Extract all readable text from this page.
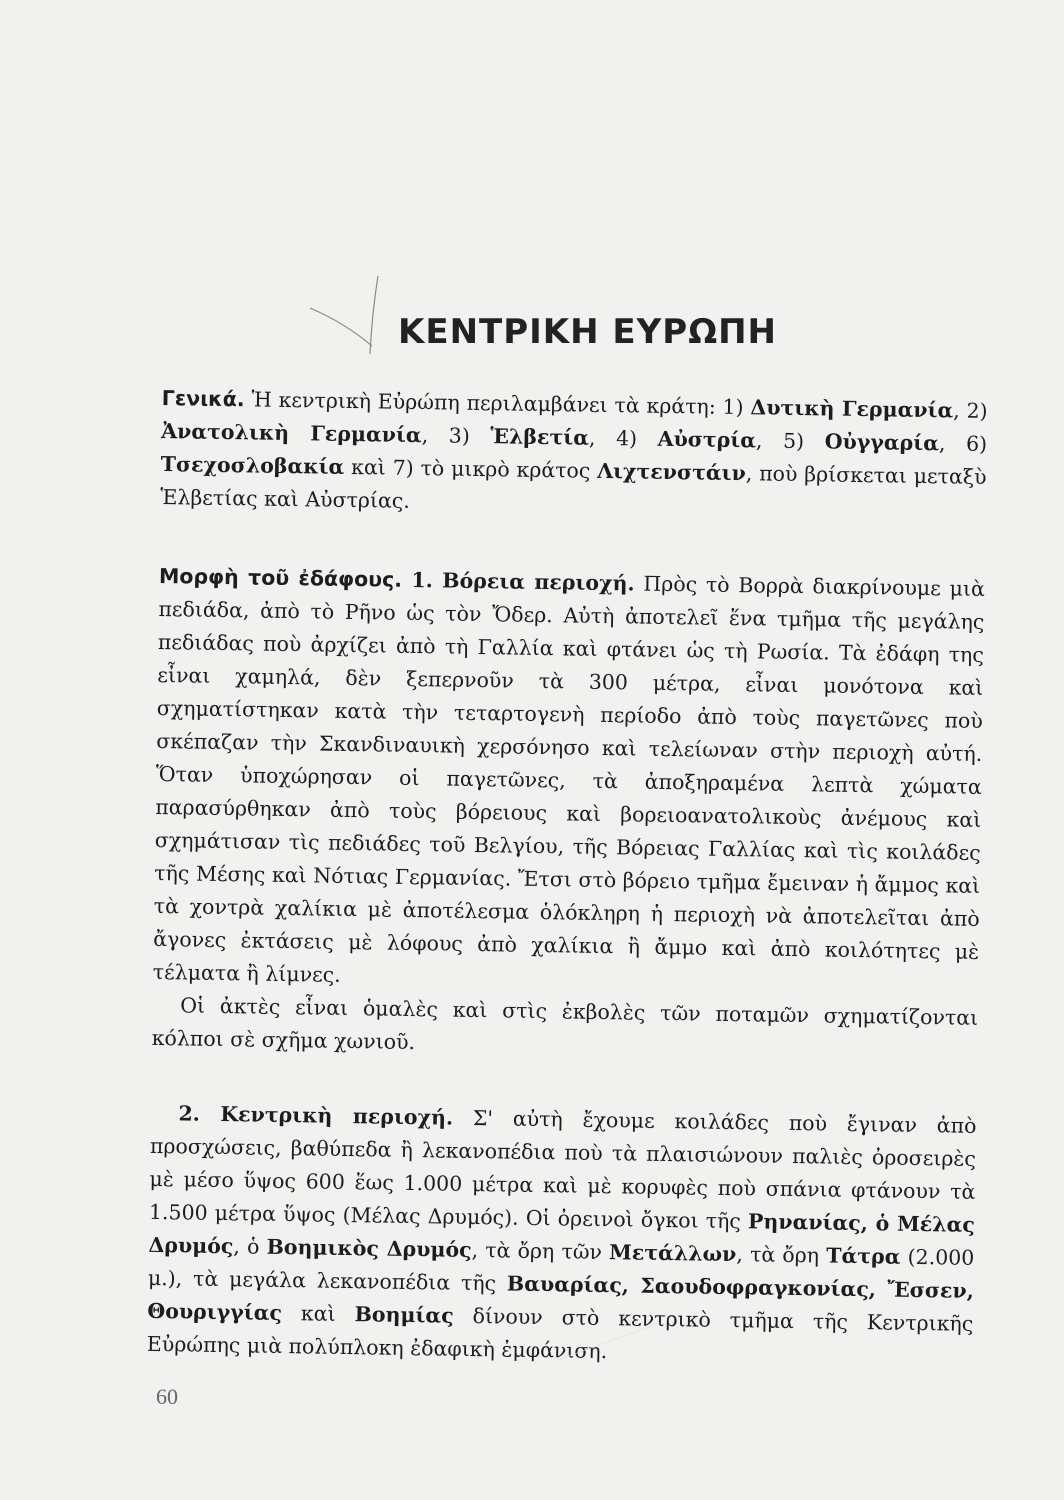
ΚΕΝΤΡΙΚΗ ΕΥΡΩΠΗ

Γενικά. Ἡ κεντρικὴ Εὐρώπη περιλαμβάνει τὰ κράτη: 1) Δυτικὴ Γερμανία, 2) Ἀνατολικὴ Γερμανία, 3) Ἑλβετία, 4) Αὐστρία, 5) Οὐγγαρία, 6) Τσεχοσλοβακία καὶ 7) τὸ μικρὸ κράτος Λιχτενστάιν, ποὺ βρίσκεται μεταξὺ Ἑλβετίας καὶ Αὐστρίας.

Μορφὴ τοῦ ἐδάφους. 1. Βόρεια περιοχή. Πρὸς τὸ Βορρὰ διακρίνουμε μιὰ πεδιάδα, ἀπὸ τὸ Ρῆνο ὡς τὸν Ὄδερ. Αὐτὴ ἀποτελεῖ ἕνα τμῆμα τῆς μεγάλης πεδιάδας ποὺ ἀρχίζει ἀπὸ τὴ Γαλλία καὶ φτάνει ὡς τὴ Ρωσία. Τὰ ἐδάφη της εἶναι χαμηλά, δὲν ξεπερνοῦν τὰ 300 μέτρα, εἶναι μονότονα καὶ σχηματίστηκαν κατὰ τὴν τεταρτογενὴ περίοδο ἀπὸ τοὺς παγετῶνες ποὺ σκέπαζαν τὴν Σκανδιναυικὴ χερσόνησο καὶ τελείωναν στὴν περιοχὴ αὐτή. Ὅταν ὑποχώρησαν οἱ παγετῶνες, τὰ ἀποξηραμένα λεπτὰ χώματα παρασύρθηκαν ἀπὸ τοὺς βόρειους καὶ βορειοανατολικοὺς ἀνέμους καὶ σχημάτισαν τὶς πεδιάδες τοῦ Βελγίου, τῆς Βόρειας Γαλλίας καὶ τὶς κοιλάδες τῆς Μέσης καὶ Νότιας Γερμανίας. Ἔτσι στὸ βόρειο τμῆμα ἔμειναν ἡ ἄμμος καὶ τὰ χοντρὰ χαλίκια μὲ ἀποτέλεσμα ὁλόκληρη ἡ περιοχὴ νὰ ἀποτελεῖται ἀπὸ ἄγονες ἐκτάσεις μὲ λόφους ἀπὸ χαλίκια ἢ ἄμμο καὶ ἀπὸ κοιλότητες μὲ τέλματα ἢ λίμνες.

Οἱ ἀκτὲς εἶναι ὁμαλὲς καὶ στὶς ἐκβολὲς τῶν ποταμῶν σχηματίζονται κόλποι σὲ σχῆμα χωνιοῦ.

2. Κεντρικὴ περιοχή. Σ' αὐτὴ ἔχουμε κοιλάδες ποὺ ἔγιναν ἀπὸ προσχώσεις, βαθύπεδα ἢ λεκανοπέδια ποὺ τὰ πλαισιώνουν παλιὲς ὀροσειρὲς μὲ μέσο ὕψος 600 ἕως 1.000 μέτρα καὶ μὲ κορυφὲς ποὺ σπάνια φτάνουν τὰ 1.500 μέτρα ὕψος (Μέλας Δρυμός). Οἱ ὀρεινοὶ ὄγκοι τῆς Ρηνανίας, ὁ Μέλας Δρυμός, ὁ Βοημικὸς Δρυμός, τὰ ὄρη τῶν Μετάλλων, τὰ ὄρη Τάτρα (2.000 μ.), τὰ μεγάλα λεκανοπέδια τῆς Βαυαρίας, Σαουδοφραγκονίας, Ἔσσεν, Θουριγγίας καὶ Βοημίας δίνουν στὸ κεντρικὸ τμῆμα τῆς Κεντρικῆς Εὐρώπης μιὰ πολύπλοκη ἐδαφικὴ ἐμφάνιση.

60
